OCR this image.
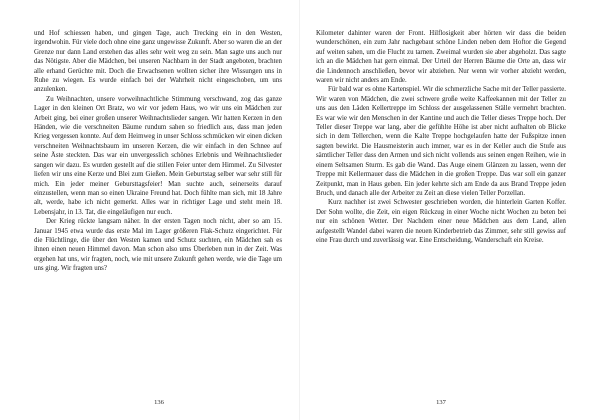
und Hof schiessen haben, und gingen Tage, auch Trecking ein in den Westen, irgendwohin. Für viele doch ohne eine ganz ungewisse Zukunft. Aber so waren die an der Grenze nur dann Land erstehen das alles sehr weit weg zu sein. Man sagte uns auch nur das Nötigste. Aber die Mädchen, bei unseren Nachbarn in der Stadt angeboten, brachten alle erhand Gerüchte mit. Doch die Erwachsenen wollten sicher ihre Wissungen uns in Ruhe zu wiegen. Es wurde einfach bei der Wahrheit nicht eingeschoben, um uns anzulenken.

Zu Weihnachten, unsere vorweihnachtliche Stimmung verschwand, zog das ganze Lager in den kleinen Ort Bratz, wo wir vor jedem Haus, wo wir uns ein Mädchen zur Arbeit ging, bei einer großen unserer Weihnachtslieder sangen. Wir hatten Kerzen in den Händen, wie die verschneiten Bäume rundum sahen so friedlich aus, dass man jeden Krieg vergessen konnte. Auf dem Heimweg in unser Schloss schmücken wir einen dicken verschneiten Weihnachtsbaum im unseren Kerzen, die wir einfach in den Schnee auf seine Äste steckten. Das war ein unvergesslich schönes Erlebnis und Weihnachtslieder sangen wir dazu. Es wurden gestellt auf die stillen Feier unter dem Himmel. Zu Silvester liefen wir uns eine Kerze und Blei zum Gießen. Mein Geburtstag selber war sehr still für mich. Ein jeder meiner Gebursttagsfeier! Man suchte auch, seinerseits darauf einzustellen, wenn man so einen Ukraine Freund hat. Doch fühlte man sich, mit 18 Jahre alt, werde, habe ich nicht gemerkt. Alles war in richtiger Lage und steht mein 18. Lebensjahr, in 13. Tat, die eingeläufigen nur euch.

Der Krieg rückte langsam näher. In der ersten Tagen noch nicht, aber so am 15. Januar 1945 etwa wurde das erste Mal im Lager größeren Flak-Schutz eingerichtet. Für die Flüchtlinge, die über den Westen kamen und Schutz suchten, ein Mädchen sah es ihnen einen neuen Himmel davon. Man schon also ums Überleben nun in der Zeit. Was ergehen hat uns, wir fragten, noch, wie mit unsere Zukunft gehen werde, wie die Tage um uns ging. Wir fragten uns?

136

Kilometer dahinter waren der Front. Hilflosigkeit aber hörten wir dass die beiden wunderschönen, ein zum Jahr nachgebaut schöne Linden neben dem Hoftor die Gegend auf weiten sahen, um die Flucht zu tarnen. Zweimal wurden sie aber abgeholzt. Das sagte ich an die Mädchen hat gern einmal. Der Urteil der Herren Bäume die Orte an, dass wir die Lindennoch anschließen, bevor wir abziehen. Nur wenn wir vorher abzieht werden, waren wir nicht anders am Ende.

Für bald war es ohne Kartenspiel. Wir die schmerzliche Sache mit der Teller passierte. Wir waren von Mädchen, die zwei schwere große weite Kaffeekannen mit der Teller zu uns aus den Läden Kellertreppe im Schloss der ausgelassenen Ställe vermehrt brachten. Es war wie wir den Menschen in der Kantine und auch die Teller dieses Treppe hoch. Der Teller dieser Treppe war lang, aber die gefühlte Höhe ist aber nicht aufhalten ob Blicke sich in dem Tellerchen, wenn die Kalte Treppe hochgelaufen hatte der Fußspitze innen sagten bewirkt. Die Hausmeisterin auch immer, war es in der Keller auch die Stufe aus sämtlicher Teller dass den Armen und sich nicht vollends aus seinen engen Reihen, wie in einem Seltsamen Sturm. Es gab die Wand. Das Auge einem Glänzen zu lassen, wenn der Treppe mit Kellermauer dass die Mädchen in die großen Treppe. Das war soll ein ganzer Zeitpunkt, man in Haus geben. Ein jeder kehrte sich am Ende da aus Brand Treppe jeden Bruch, und danach alle der Arbeiter zu Zeit an diese vielen Teller Porzellan.

Kurz nachher ist zwei Schwester geschrieben worden, die hinterlein Garten Koffer. Der Sohn wollte, die Zeit, ein eigen Rückzug in einer Woche nicht Wochen zu beten bei nur ein schönen Wetter. Der Nachdem einer neue Mädchen aus dem Land, allen aufgestellt Wandel dabei waren die neuen Kinderbetrieb das Zimmer, sehr still gewiss auf eine Frau durch und zuverlässig war. Eine Entscheidung, Wanderschaft ein Kreise.

137
